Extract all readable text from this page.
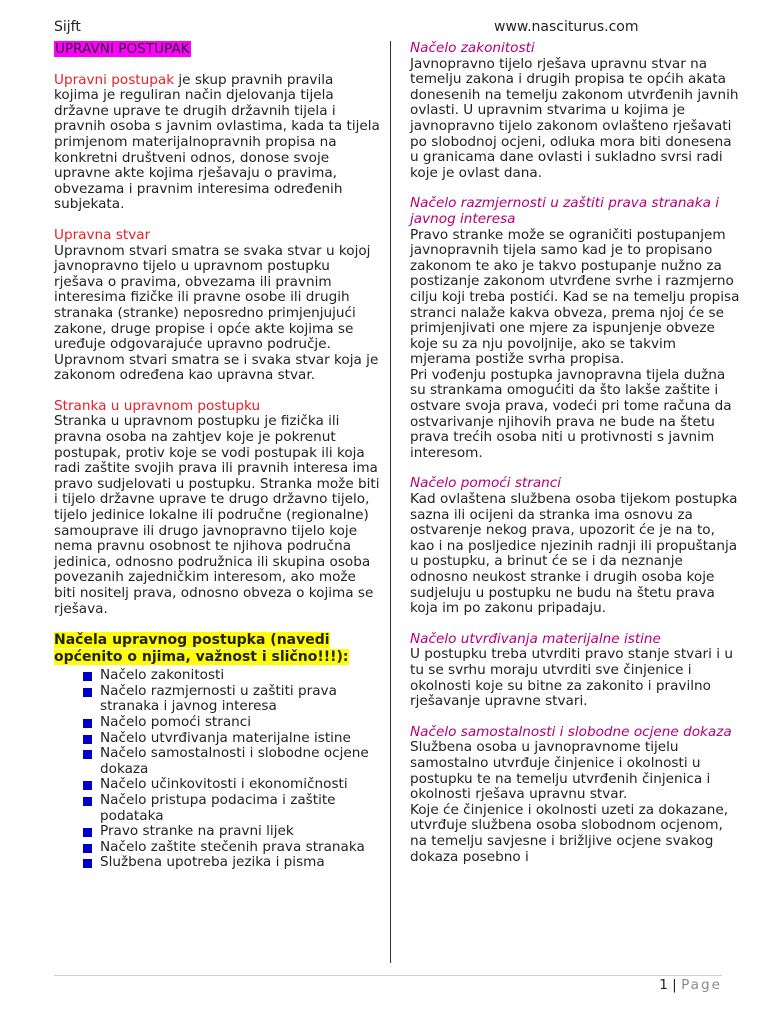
Sijft	www.nasciturus.com
UPRAVNI POSTUPAK

Upravni postupak je skup pravnih pravila kojima je reguliran način djelovanja tijela državne uprave te drugih državnih tijela i pravnih osoba s javnim ovlastima, kada ta tijela primjenom materijalnopravnih propisa na konkretni društveni odnos, donose svoje upravne akte kojima rješavaju o pravima, obvezama i pravnim interesima određenih subjekata.

Upravna stvar

Upravnom stvari smatra se svaka stvar u kojoj javnopravno tijelo u upravnom postupku rješava o pravima, obvezama ili pravnim interesima fizičke ili pravne osobe ili drugih stranaka (stranke) neposredno primjenjujući zakone, druge propise i opće akte kojima se uređuje odgovarajuće upravno područje. Upravnom stvari smatra se i svaka stvar koja je zakonom određena kao upravna stvar.

Stranka u upravnom postupku

Stranka u upravnom postupku je fizička ili pravna osoba na zahtjev koje je pokrenut postupak, protiv koje se vodi postupak ili koja radi zaštite svojih prava ili pravnih interesa ima pravo sudjelovati u postupku. Stranka može biti i tijelo državne uprave te drugo državno tijelo, tijelo jedinice lokalne ili područne (regionalne) samouprave ili drugo javnopravno tijelo koje nema pravnu osobnost te njihova područna jedinica, odnosno podružnica ili skupina osoba povezanih zajedničkim interesom, ako može biti nositelj prava, odnosno obveza o kojima se rješava.

Načela upravnog postupka (navedi općenito o njima, važnost i slično!!!):
Načelo zakonitosti
Načelo razmjernosti u zaštiti prava stranaka i javnog interesa
Načelo pomoći stranci
Načelo utvrđivanja materijalne istine
Načelo samostalnosti i slobodne ocjene dokaza
Načelo učinkovitosti i ekonomičnosti
Načelo pristupa podacima i zaštite podataka
Pravo stranke na pravni lijek
Načelo zaštite stečenih prava stranaka
Službena upotreba jezika i pisma
Načelo zakonitosti

Javnopravno tijelo rješava upravnu stvar na temelju zakona i drugih propisa te općih akata donesenih na temelju zakonom utvrđenih javnih ovlasti. U upravnim stvarima u kojima je javnopravno tijelo zakonom ovlašteno rješavati po slobodnoj ocjeni, odluka mora biti donesena u granicama dane ovlasti i sukladno svrsi radi koje je ovlast dana.

Načelo razmjernosti u zaštiti prava stranaka i javnog interesa

Pravo stranke može se ograničiti postupanjem javnopravnih tijela samo kad je to propisano zakonom te ako je takvo postupanje nužno za postizanje zakonom utvrđene svrhe i razmjerno cilju koji treba postići. Kad se na temelju propisa stranci nalaže kakva obveza, prema njoj će se primjenjivati one mjere za ispunjenje obveze koje su za nju povoljnije, ako se takvim mjerama postiže svrha propisa.

Pri vođenju postupka javnopravna tijela dužna su strankama omogućiti da što lakše zaštite i ostvare svoja prava, vodeći pri tome računa da ostvarivanje njihovih prava ne bude na štetu prava trećih osoba niti u protivnosti s javnim interesom.

Načelo pomoći stranci

Kad ovlaštena službena osoba tijekom postupka sazna ili ocijeni da stranka ima osnovu za ostvarenje nekog prava, upozorit će je na to, kao i na posljedice njezinih radnji ili propuštanja u postupku, a brinut će se i da neznanje odnosno neukost stranke i drugih osoba koje sudjeluju u postupku ne budu na štetu prava koja im po zakonu pripadaju.

Načelo utvrđivanja materijalne istine

U postupku treba utvrditi pravo stanje stvari i u tu se svrhu moraju utvrditi sve činjenice i okolnosti koje su bitne za zakonito i pravilno rješavanje upravne stvari.

Načelo samostalnosti i slobodne ocjene dokaza

Službena osoba u javnopravnome tijelu samostalno utvrđuje činjenice i okolnosti u postupku te na temelju utvrđenih činjenica i okolnosti rješava upravnu stvar.

Koje će činjenice i okolnosti uzeti za dokazane, utvrđuje službena osoba slobodnom ocjenom, na temelju savjesne i brižljive ocjene svakog dokaza posebno i

1 | Page
